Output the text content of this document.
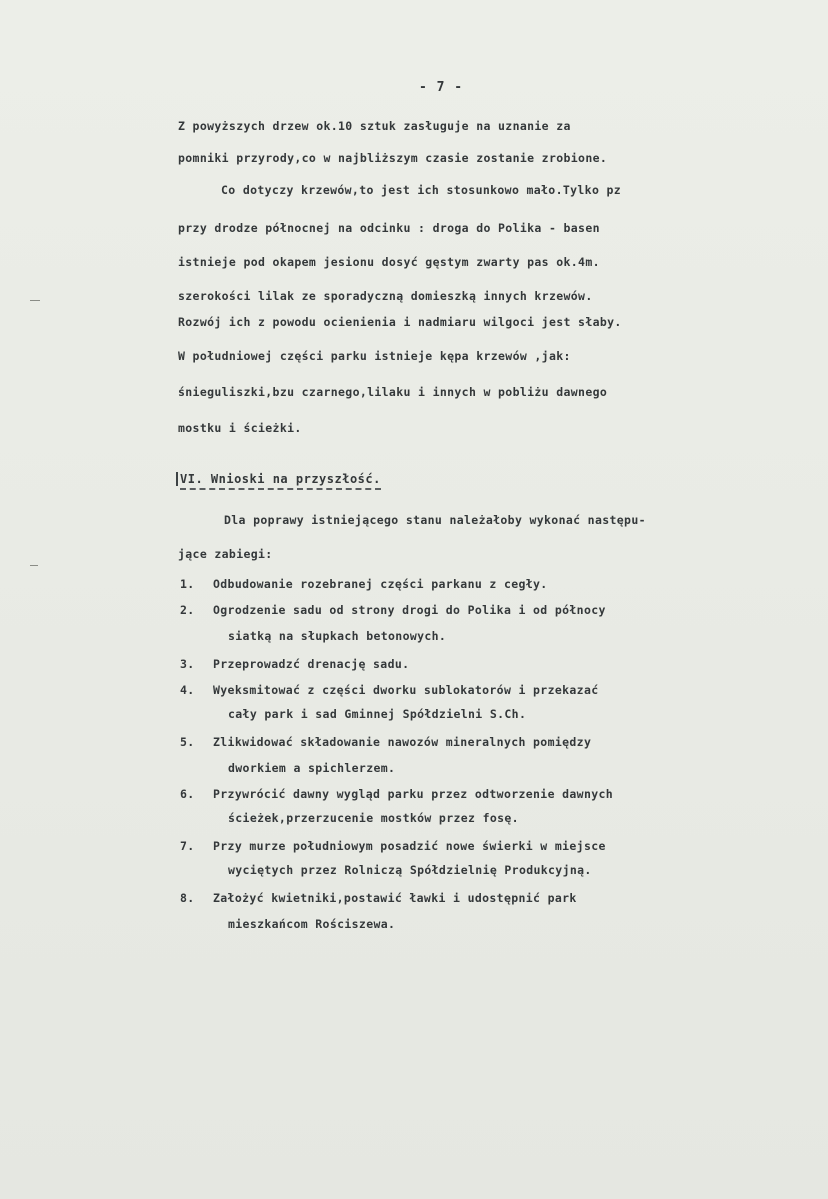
- 7 -
Z powyższych drzew ok.10 sztuk zasługuje na uznanie za
pomniki przyrody,co w najbliższym czasie zostanie zrobione.
Co dotyczy krzewów,to jest ich stosunkowo mało.Tylko pz
przy drodze północnej na odcinku : droga do Polika - basen
istnieje pod okapem jesionu dosyć gęstym zwarty pas ok.4m.
szerokości lilak ze sporadyczną domieszką innych krzewów.
Rozwój ich z powodu ocienienia i nadmiaru wilgoci jest słaby.
W południowej części parku istnieje kępa krzewów ,jak:
śnieguliszki,bzu czarnego,lilaku i innych w pobliżu dawnego
mostku i ścieżki.
VI. Wnioski na przyszłość.
Dla poprawy istniejącego stanu należałoby wykonać następu-
jące zabiegi:
1. Odbudowanie rozebranej części parkanu z cegły.
2. Ogrodzenie sadu od strony drogi do Polika i od północy
siatką na słupkach betonowych.
3. Przeprowadzć drenację sadu.
4. Wyeksmitować z części dworku sublokatorów i przekazać
cały park i sad Gminnej Spółdzielni S.Ch.
5. Zlikwidować składowanie nawozów mineralnych pomiędzy
dworkiem a spichlerzem.
6. Przywrócić dawny wygląd parku przez odtworzenie dawnych
ścieżek,przerzucenie mostków przez fosę.
7. Przy murze południowym posadzić nowe świerki w miejsce
wyciętych przez Rolniczą Spółdzielnię Produkcyjną.
8. Założyć kwietniki,postawić ławki i udostępnić park
mieszkańcom Rościszewa.
